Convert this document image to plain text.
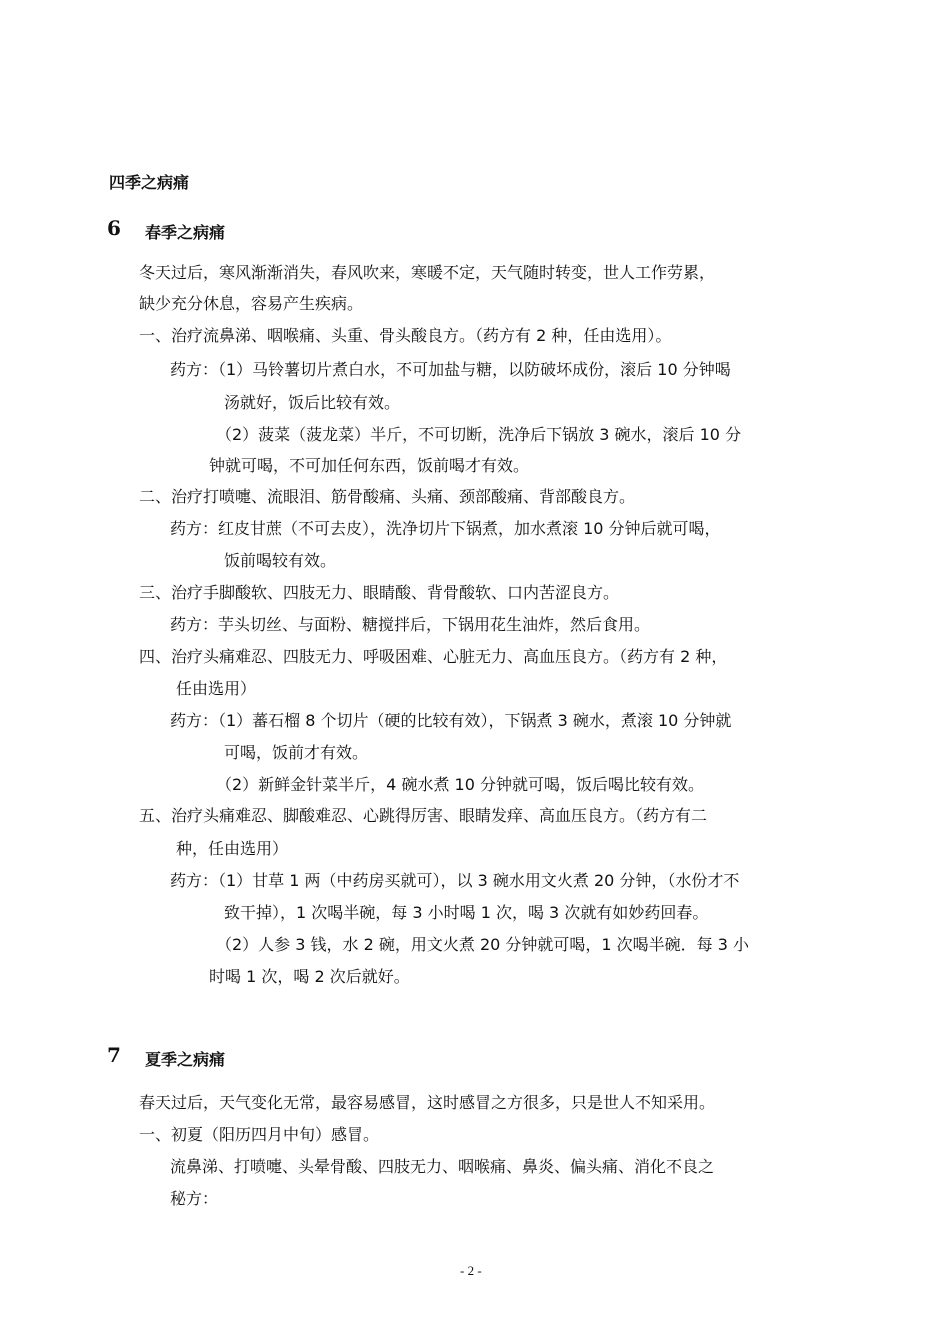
四季之病痛
6 春季之病痛
冬天过后，寒风渐渐消失，春风吹来，寒暖不定，天气随时转变，世人工作劳累，
缺少充分休息，容易产生疾病。
一、治疗流鼻涕、咽喉痛、头重、骨头酸良方。（药方有 2 种，任由选用）。
药方：（1）马铃薯切片煮白水，不可加盐与糖，以防破坏成份，滚后 10 分钟喝
汤就好，饭后比较有效。
（2）菠菜（菠龙菜）半斤，不可切断，洗净后下锅放 3 碗水，滚后 10 分
钟就可喝，不可加任何东西，饭前喝才有效。
二、治疗打喷嚏、流眼泪、筋骨酸痛、头痛、颈部酸痛、背部酸良方。
药方：红皮甘蔗（不可去皮），洗净切片下锅煮，加水煮滚 10 分钟后就可喝，
饭前喝较有效。
三、治疗手脚酸软、四肢无力、眼睛酸、背骨酸软、口内苦涩良方。
药方：芋头切丝、与面粉、糖搅拌后，下锅用花生油炸，然后食用。
四、治疗头痛难忍、四肢无力、呼吸困难、心脏无力、高血压良方。（药方有 2 种，
任由选用）
药方：（1）蕃石榴 8 个切片（硬的比较有效），下锅煮 3 碗水，煮滚 10 分钟就
可喝，饭前才有效。
（2）新鲜金针菜半斤，4 碗水煮 10 分钟就可喝，饭后喝比较有效。
五、治疗头痛难忍、脚酸难忍、心跳得厉害、眼睛发痒、高血压良方。（药方有二
种，任由选用）
药方：（1）甘草 1 两（中药房买就可），以 3 碗水用文火煮 20 分钟，（水份才不
致干掉），1 次喝半碗，每 3 小时喝 1 次，喝 3 次就有如妙药回春。
（2）人参 3 钱，水 2 碗，用文火煮 20 分钟就可喝，1 次喝半碗．每 3 小
时喝 1 次，喝 2 次后就好。
7 夏季之病痛
春天过后，天气变化无常，最容易感冒，这时感冒之方很多，只是世人不知采用。
一、初夏（阳历四月中旬）感冒。
流鼻涕、打喷嚏、头晕骨酸、四肢无力、咽喉痛、鼻炎、偏头痛、消化不良之
秘方：
- 2 -
